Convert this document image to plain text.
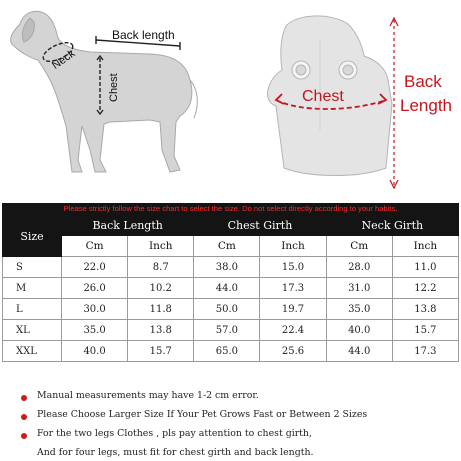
Back length
Neck
Chest	Chest
Back
Length
Please strictly follow the size chart to select the size. Do not select directly according to your habits.
Size	Back Length		Chest Girth		Neck Girth	
	Cm	Inch	Cm	Inch	Cm	Inch
S	22.0	8.7	38.0	15.0	28.0	11.0
M	26.0	10.2	44.0	17.3	31.0	12.2
L	30.0	11.8	50.0	19.7	35.0	13.8
XL	35.0	13.8	57.0	22.4	40.0	15.7
XXL	40.0	15.7	65.0	25.6	44.0	17.3
Manual measurements may have 1-2 cm error.
Please Choose Larger Size If Your Pet Grows Fast or Between 2 Sizes
For the two legs Clothes , pls pay attention to chest girth,
And for four legs, must fit for chest girth and back length.
